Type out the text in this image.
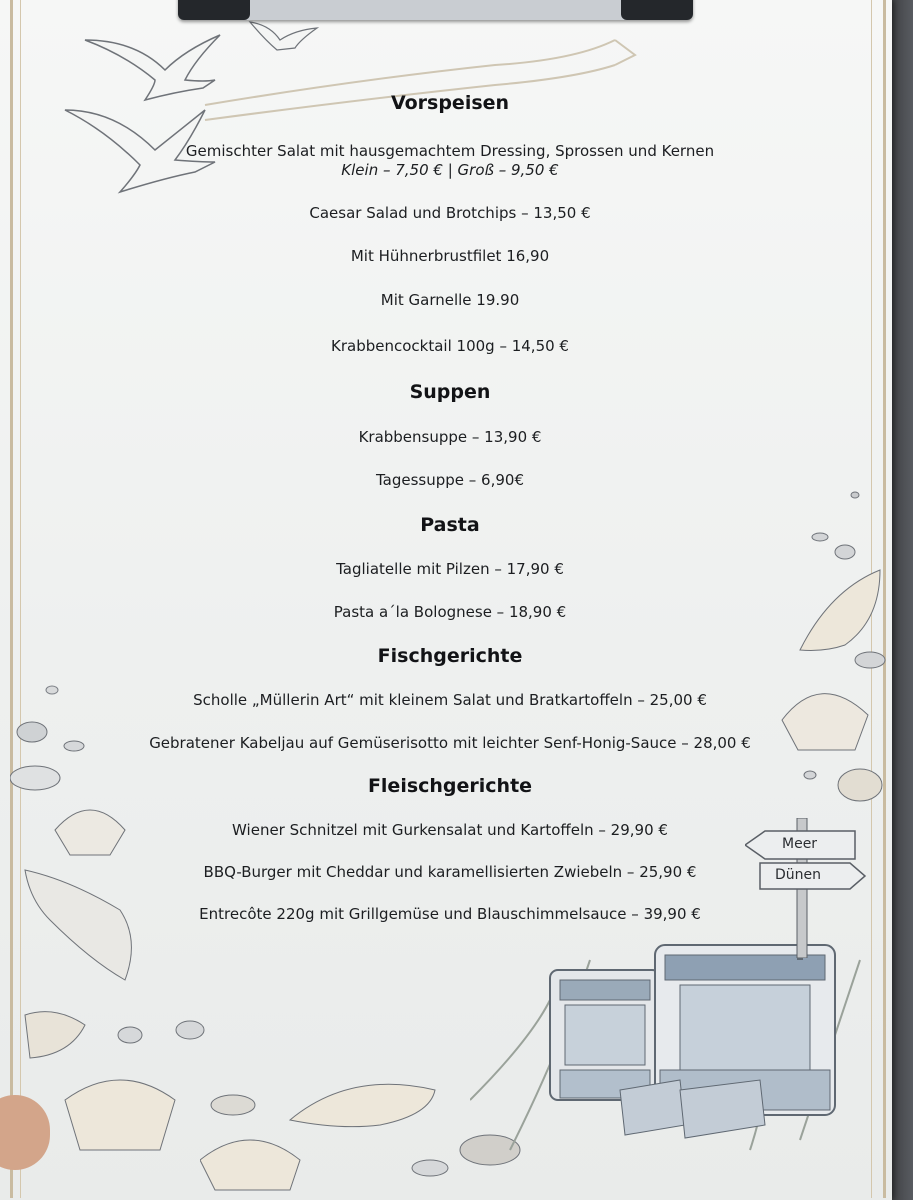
Meer
Dünen
Vorspeisen
Gemischter Salat mit hausgemachtem Dressing, Sprossen und Kernen
Klein – 7,50 € | Groß – 9,50 €
Caesar Salad und Brotchips – 13,50 €
Mit Hühnerbrustfilet 16,90
Mit Garnelle 19.90
Krabbencocktail 100g – 14,50 €
Suppen
Krabbensuppe – 13,90 €
Tagessuppe – 6,90€
Pasta
Tagliatelle mit Pilzen – 17,90 €
Pasta a´la Bolognese – 18,90 €
Fischgerichte
Scholle „Müllerin Art“ mit kleinem Salat und Bratkartoffeln – 25,00 €
Gebratener Kabeljau auf Gemüserisotto mit leichter Senf-Honig-Sauce – 28,00 €
Fleischgerichte
Wiener Schnitzel mit Gurkensalat und Kartoffeln – 29,90 €
BBQ-Burger mit Cheddar und karamellisierten Zwiebeln – 25,90 €
Entrecôte 220g mit Grillgemüse und Blauschimmelsauce – 39,90 €
